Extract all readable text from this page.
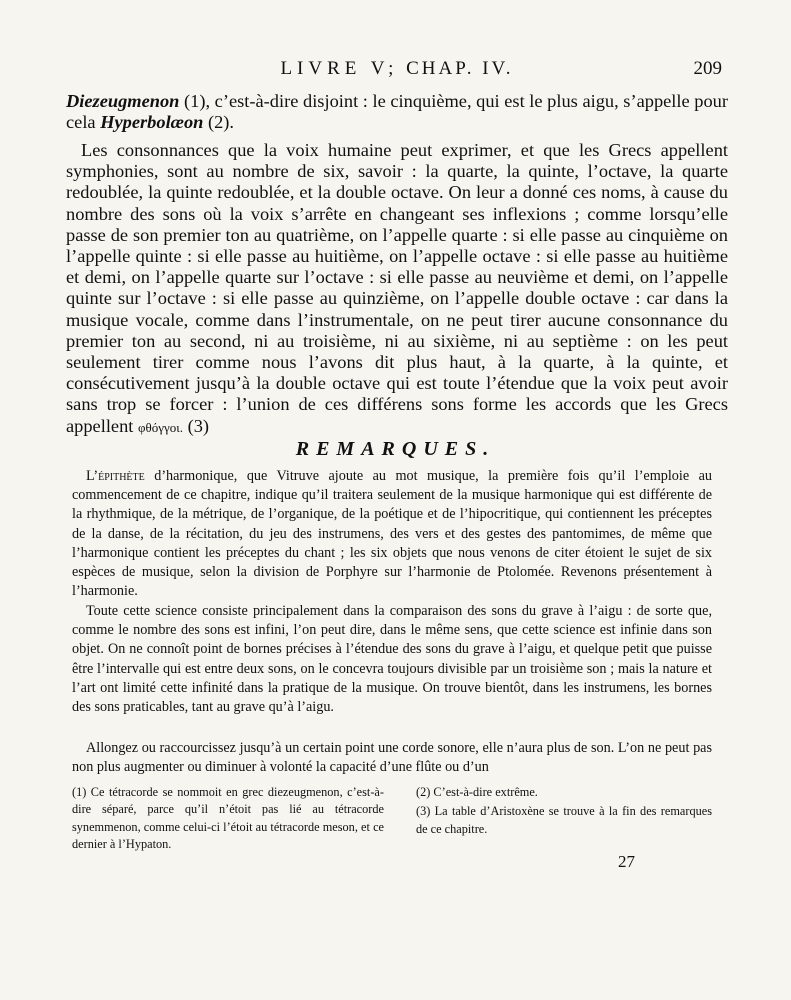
LIVRE V; CHAP. IV.	209

Diezeugmenon (1), c’est-à-dire disjoint : le cinquième, qui est le plus aigu, s’appelle pour cela Hyperbolæon (2).

Les consonnances que la voix humaine peut exprimer, et que les Grecs appellent symphonies, sont au nombre de six, savoir : la quarte, la quinte, l’octave, la quarte redoublée, la quinte redoublée, et la double octave. On leur a donné ces noms, à cause du nombre des sons où la voix s’arrête en changeant ses inflexions ; comme lorsqu’elle passe de son premier ton au quatrième, on l’appelle quarte : si elle passe au cinquième on l’appelle quinte : si elle passe au huitième, on l’appelle octave : si elle passe au huitième et demi, on l’appelle quarte sur l’octave : si elle passe au neuvième et demi, on l’appelle quinte sur l’octave : si elle passe au quinzième, on l’appelle double octave : car dans la musique vocale, comme dans l’instrumentale, on ne peut tirer aucune consonnance du premier ton au second, ni au troisième, ni au sixième, ni au septième : on les peut seulement tirer comme nous l’avons dit plus haut, à la quarte, à la quinte, et consécutivement jusqu’à la double octave qui est toute l’étendue que la voix peut avoir sans trop se forcer : l’union de ces différens sons forme les accords que les Grecs appellent φθόγγοι. (3)

REMARQUES.

L’épithète d’harmonique, que Vitruve ajoute au mot musique, la première fois qu’il l’emploie au commencement de ce chapitre, indique qu’il traitera seulement de la musique harmonique qui est différente de la rhythmique, de la métrique, de l’organique, de la poétique et de l’hipocritique, qui contiennent les préceptes de la danse, de la récitation, du jeu des instrumens, des vers et des gestes des pantomimes, de même que l’harmonique contient les préceptes du chant ; les six objets que nous venons de citer étoient le sujet de six espèces de musique, selon la division de Porphyre sur l’harmonie de Ptolomée. Revenons présentement à l’harmonie.

Toute cette science consiste principalement dans la comparaison des sons du grave à l’aigu : de sorte que, comme le nombre des sons est infini, l’on peut dire, dans le même sens, que cette science est infinie dans son objet. On ne connoît point de bornes précises à l’étendue des sons du grave à l’aigu, et quelque petit que puisse être l’intervalle qui est entre deux sons, on le concevra toujours divisible par un troisième son ; mais la nature et l’art ont limité cette infinité dans la pratique de la musique. On trouve bientôt, dans les instrumens, les bornes des sons praticables, tant au grave qu’à l’aigu.

Allongez ou raccourcissez jusqu’à un certain point une corde sonore, elle n’aura plus de son. L’on ne peut pas non plus augmenter ou diminuer à volonté la capacité d’une flûte ou d’un

(1) Ce tétracorde se nommoit en grec diezeugmenon, c’est-à-dire séparé, parce qu’il n’étoit pas lié au tétracorde synemmenon, comme celui-ci l’étoit au tétracorde meson, et ce dernier à l’Hypaton.
(2) C’est-à-dire extrême.
(3) La table d’Aristoxène se trouve à la fin des remarques de ce chapitre.
27
